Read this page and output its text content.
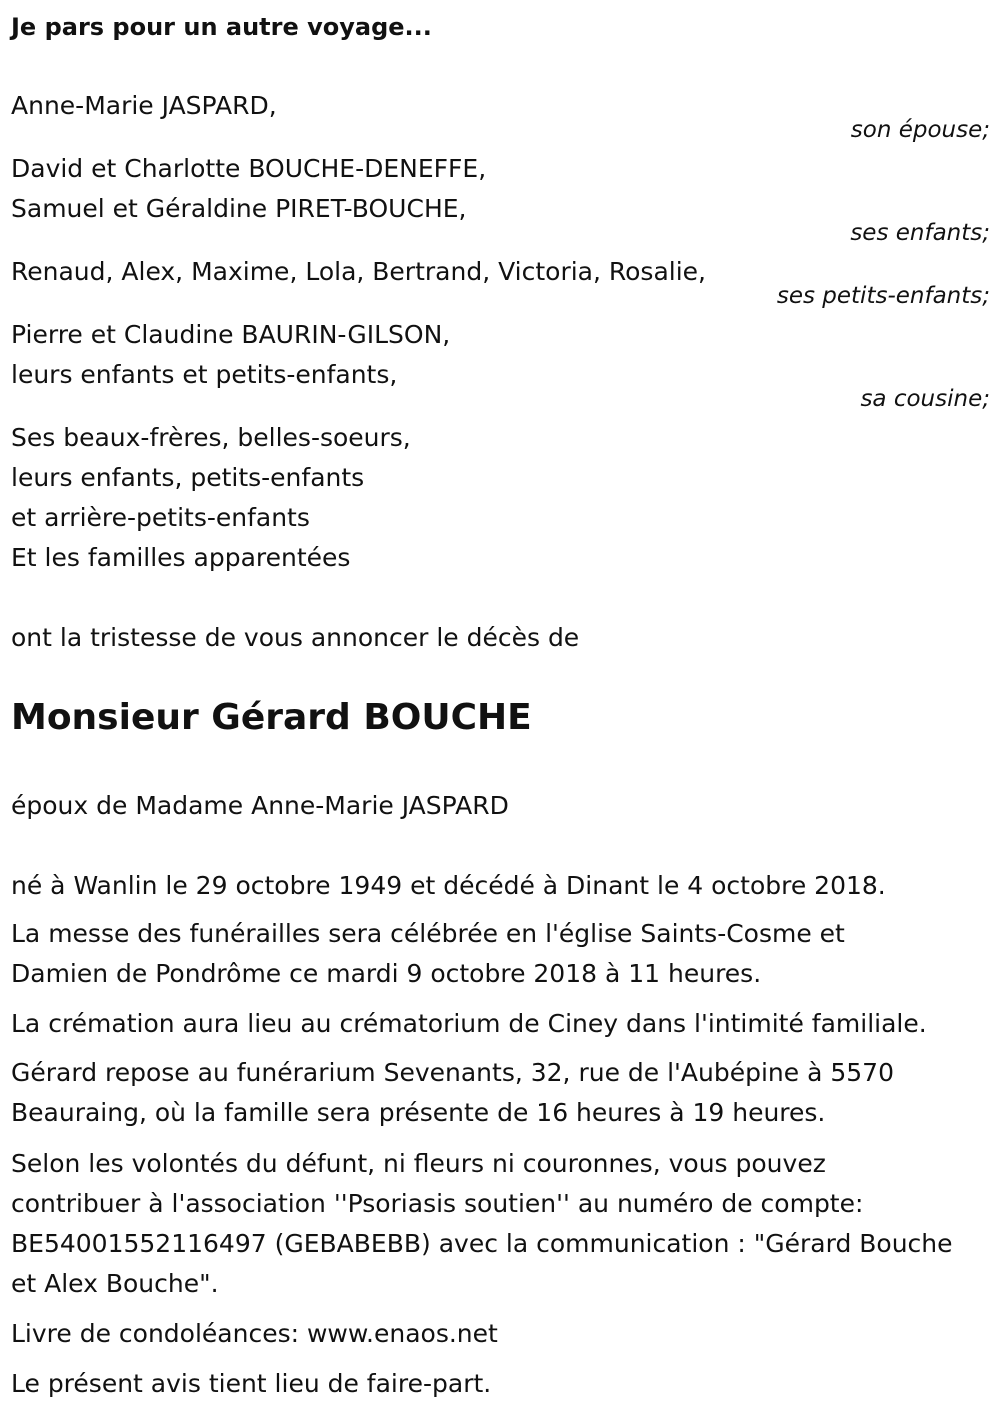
Je pars pour un autre voyage...
Anne-Marie JASPARD,
son épouse;
David et Charlotte BOUCHE-DENEFFE,
Samuel et Géraldine PIRET-BOUCHE,
ses enfants;
Renaud, Alex, Maxime, Lola, Bertrand, Victoria, Rosalie,
ses petits-enfants;
Pierre et Claudine BAURIN-GILSON,
leurs enfants et petits-enfants,
sa cousine;
Ses beaux-frères, belles-soeurs,
leurs enfants, petits-enfants
et arrière-petits-enfants
Et les familles apparentées
ont la tristesse de vous annoncer le décès de
Monsieur Gérard BOUCHE
époux de Madame Anne-Marie JASPARD
né à Wanlin le 29 octobre 1949 et décédé à Dinant le 4 octobre 2018.
La messe des funérailles sera célébrée en l'église Saints-Cosme et
Damien de Pondrôme ce mardi 9 octobre 2018 à 11 heures.
La crémation aura lieu au crématorium de Ciney dans l'intimité familiale.
Gérard repose au funérarium Sevenants, 32, rue de l'Aubépine à 5570
Beauraing, où la famille sera présente de 16 heures à 19 heures.
Selon les volontés du défunt, ni fleurs ni couronnes, vous pouvez
contribuer à l'association ''Psoriasis soutien'' au numéro de compte:
BE54001552116497 (GEBABEBB) avec la communication : "Gérard Bouche
et Alex Bouche".
Livre de condoléances: www.enaos.net
Le présent avis tient lieu de faire-part.
